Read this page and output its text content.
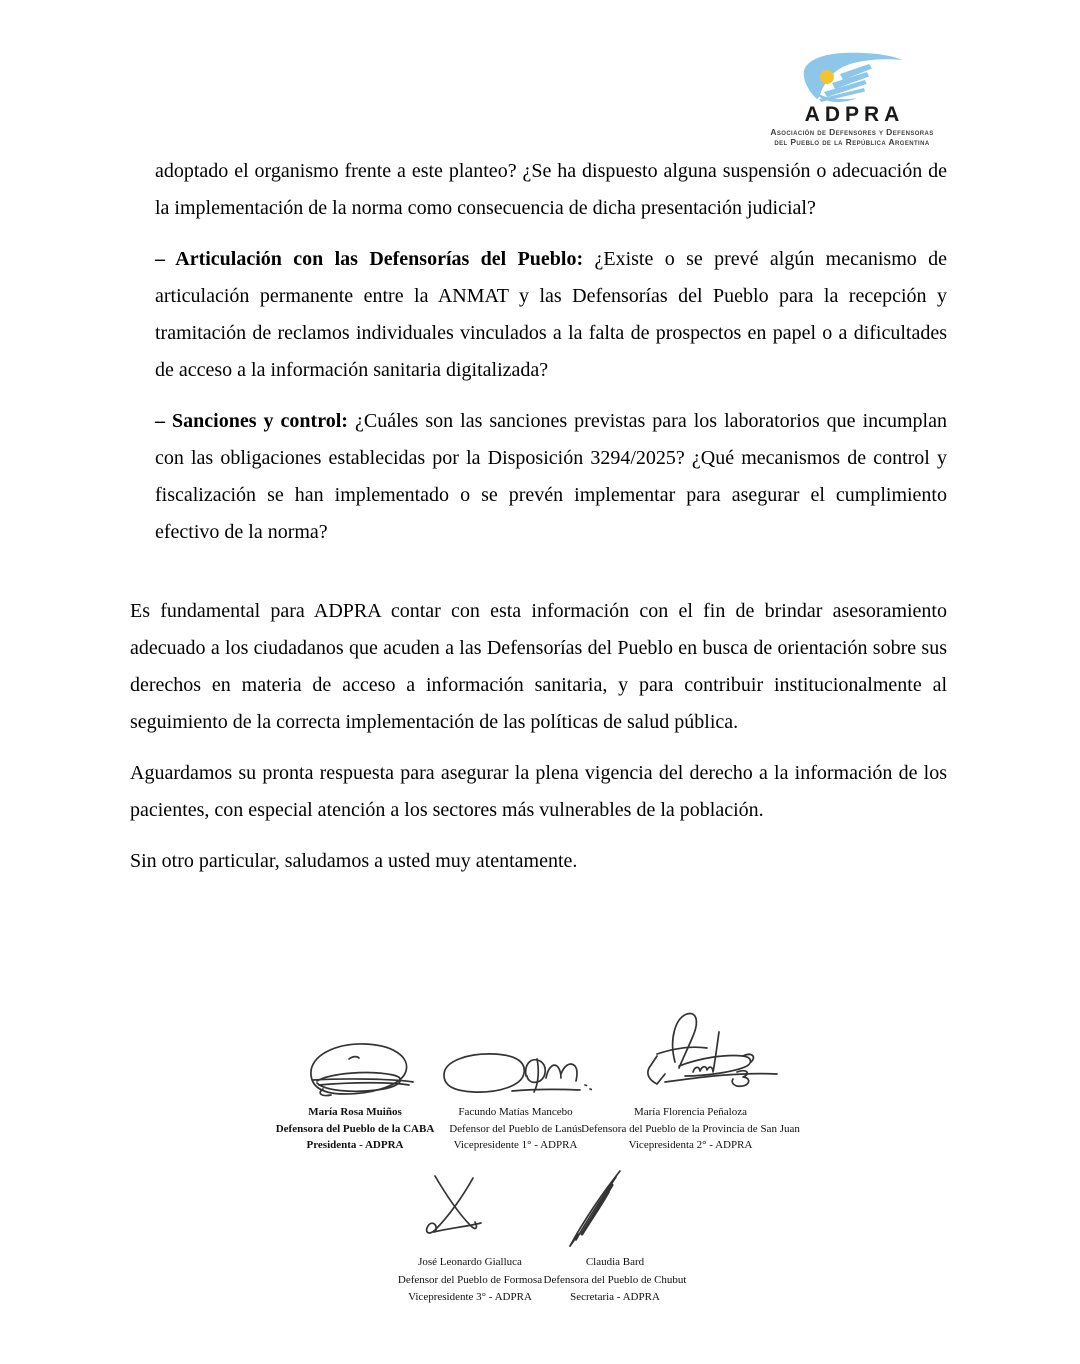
ADPRA
Asociación de Defensores y Defensoras
del Pueblo de la República Argentina

adoptado el organismo frente a este planteo? ¿Se ha dispuesto alguna suspensión o adecuación de la implementación de la norma como consecuencia de dicha presentación judicial?

– Articulación con las Defensorías del Pueblo: ¿Existe o se prevé algún mecanismo de articulación permanente entre la ANMAT y las Defensorías del Pueblo para la recepción y tramitación de reclamos individuales vinculados a la falta de prospectos en papel o a dificultades de acceso a la información sanitaria digitalizada?

– Sanciones y control: ¿Cuáles son las sanciones previstas para los laboratorios que incumplan con las obligaciones establecidas por la Disposición 3294/2025? ¿Qué mecanismos de control y fiscalización se han implementado o se prevén implementar para asegurar el cumplimiento efectivo de la norma?

Es fundamental para ADPRA contar con esta información con el fin de brindar asesoramiento adecuado a los ciudadanos que acuden a las Defensorías del Pueblo en busca de orientación sobre sus derechos en materia de acceso a información sanitaria, y para contribuir institucionalmente al seguimiento de la correcta implementación de las políticas de salud pública.

Aguardamos su pronta respuesta para asegurar la plena vigencia del derecho a la información de los pacientes, con especial atención a los sectores más vulnerables de la población.

Sin otro particular, saludamos a usted muy atentamente.

María Rosa Muiños
Defensora del Pueblo de la CABA
Presidenta - ADPRA
Facundo Matías Mancebo
Defensor del Pueblo de Lanús
Vicepresidente 1° - ADPRA
María Florencia Peñaloza
Defensora del Pueblo de la Provincia de San Juan
Vicepresidenta 2° - ADPRA
José Leonardo Gialluca
Defensor del Pueblo de Formosa
Vicepresidente 3° - ADPRA
Claudia Bard
Defensora del Pueblo de Chubut
Secretaria - ADPRA
